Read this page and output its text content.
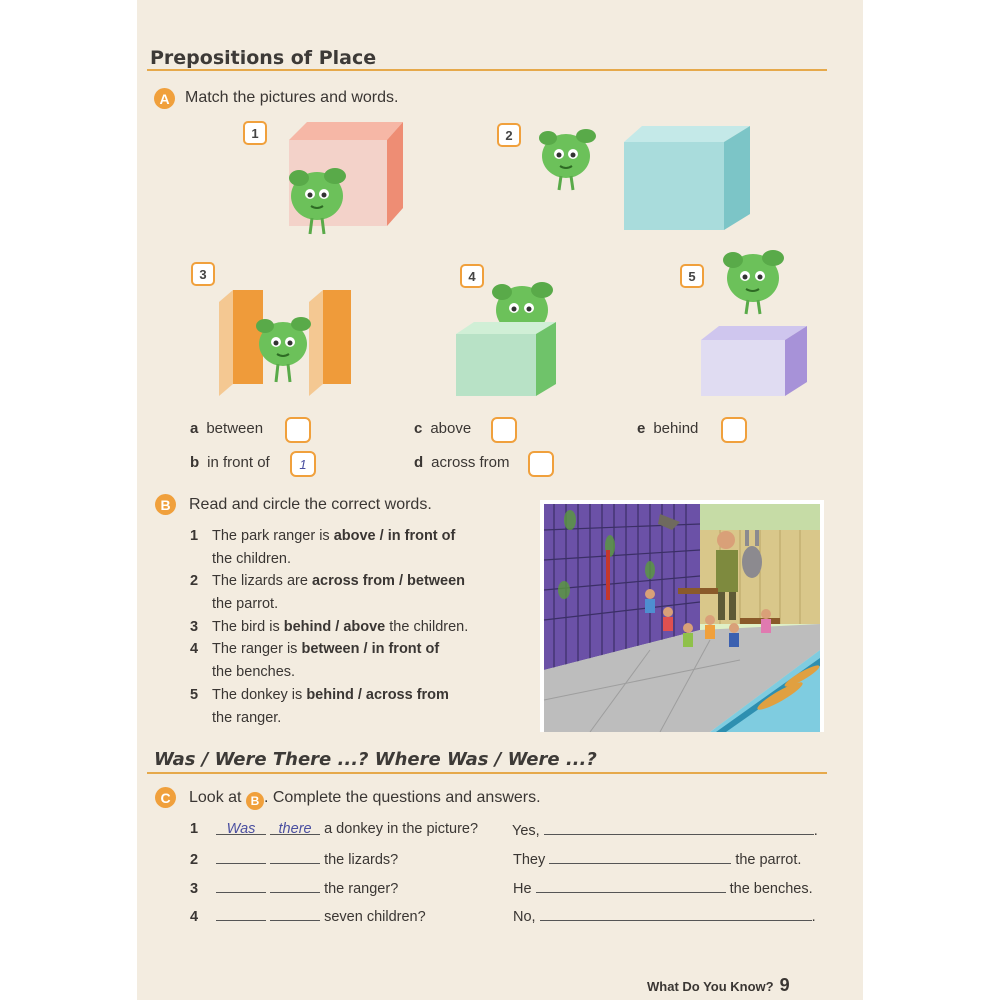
Prepositions of Place
A Match the pictures and words.
1	2
3	4	5
a between
b in front of 1
c above
d across from
e behind
B	Read and circle the correct words.
1 The park ranger is above / in front of
the children.
2 The lizards are across from / between
the parrot.
3 The bird is behind / above the children.
4 The ranger is between / in front of
the benches.
5 The donkey is behind / across from
the ranger.
Was / Were There ...? Where Was / Were ...?
C	Look at B . Complete the questions and answers.
1 Was there a donkey in the picture? Yes,	.
2	the lizards?	They	the parrot.
3	the ranger?	He	the benches.
4	seven children?	No,	.
What Do You Know? 9
